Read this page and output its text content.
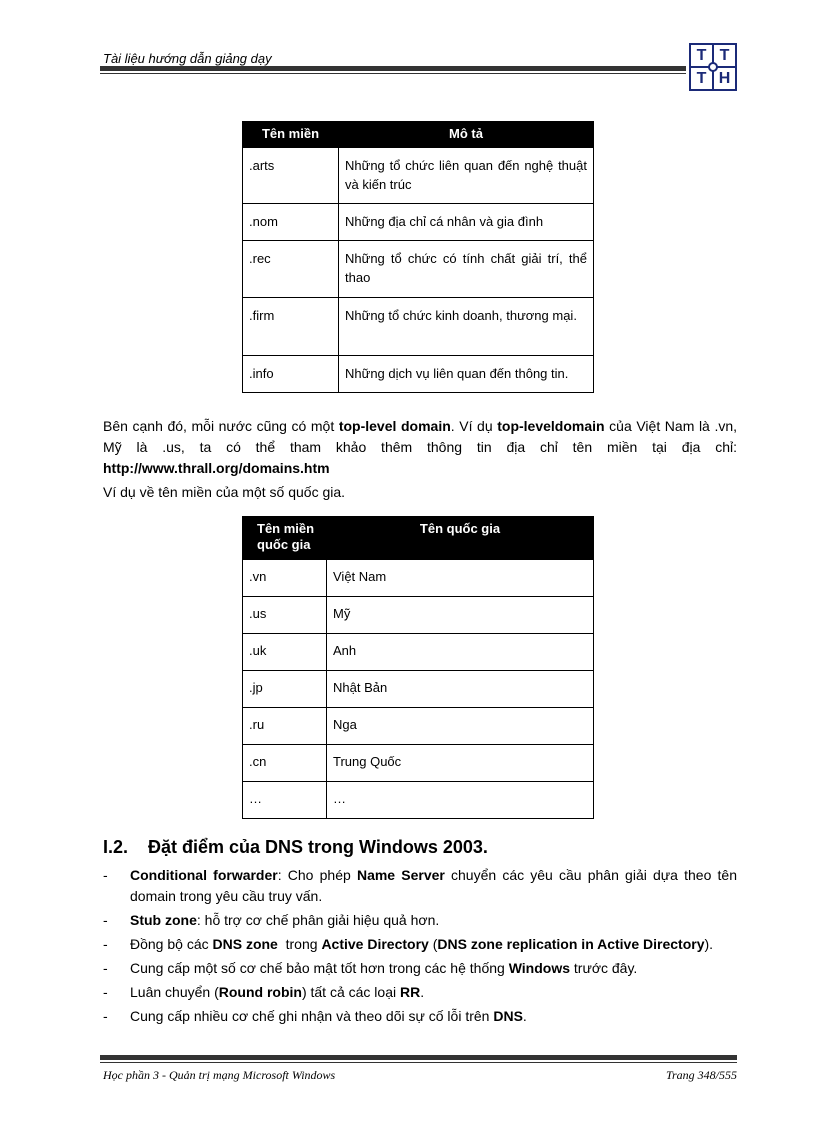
Tài liệu hướng dẫn giảng dạy	T T
T H
Tên miền	Mô tả
.arts	Những tổ chức liên quan đến nghệ thuật và kiến trúc
.nom	Những địa chỉ cá nhân và gia đình
.rec	Những tổ chức có tính chất giải trí, thể thao
.firm	Những tổ chức kinh doanh, thương mại.
.info	Những dịch vụ liên quan đến thông tin.

Bên cạnh đó, mỗi nước cũng có một top-level domain. Ví dụ top-leveldomain của Việt Nam là .vn, Mỹ là .us, ta có thể tham khảo thêm thông tin địa chỉ tên miền tại địa chỉ: http://www.thrall.org/domains.htm

Ví dụ về tên miền của một số quốc gia.

Tên miền quốc gia	Tên quốc gia
.vn	Việt Nam
.us	Mỹ
.uk	Anh
.jp	Nhật Bản
.ru	Nga
.cn	Trung Quốc
…	…
I.2. Đặt điểm của DNS trong Windows 2003.
- Conditional forwarder: Cho phép Name Server chuyển các yêu cầu phân giải dựa theo tên domain trong yêu cầu truy vấn.
- Stub zone: hỗ trợ cơ chế phân giải hiệu quả hơn.
- Đồng bộ các DNS zone  trong Active Directory (DNS zone replication in Active Directory).
- Cung cấp một số cơ chế bảo mật tốt hơn trong các hệ thống Windows trước đây.
- Luân chuyển (Round robin) tất cả các loại RR.
- Cung cấp nhiều cơ chế ghi nhận và theo dõi sự cố lỗi trên DNS.
Học phần 3 - Quản trị mạng Microsoft Windows	Trang 348/555
